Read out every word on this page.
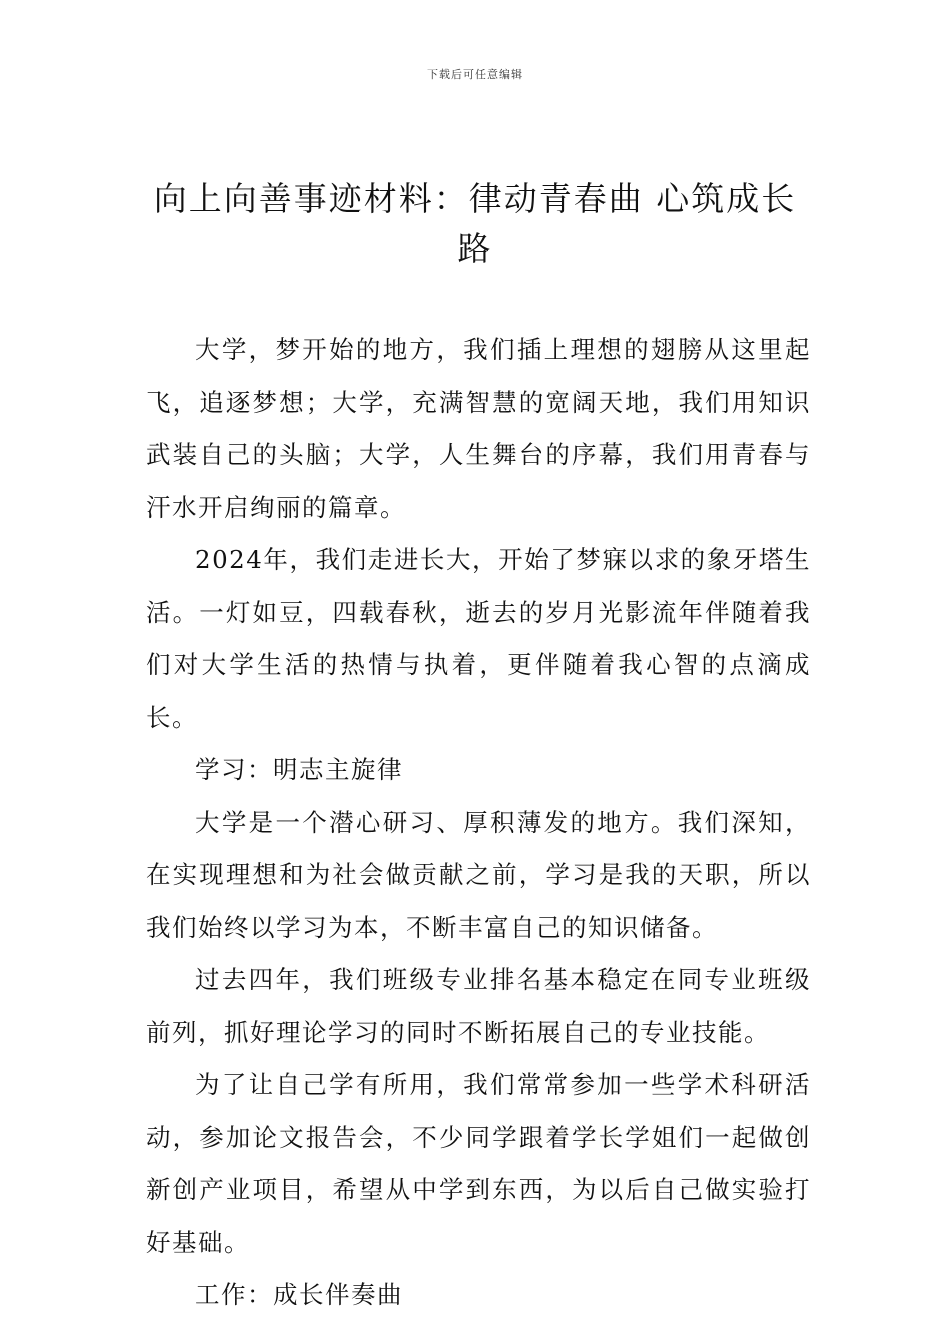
下载后可任意编辑
向上向善事迹材料：律动青春曲 心筑成长路

大学，梦开始的地方，我们插上理想的翅膀从这里起飞，追逐梦想；大学，充满智慧的宽阔天地，我们用知识武装自己的头脑；大学，人生舞台的序幕，我们用青春与汗水开启绚丽的篇章。

2024年，我们走进长大，开始了梦寐以求的象牙塔生活。一灯如豆，四载春秋，逝去的岁月光影流年伴随着我们对大学生活的热情与执着，更伴随着我心智的点滴成长。

学习：明志主旋律

大学是一个潜心研习、厚积薄发的地方。我们深知，在实现理想和为社会做贡献之前，学习是我的天职，所以我们始终以学习为本，不断丰富自己的知识储备。

过去四年，我们班级专业排名基本稳定在同专业班级前列，抓好理论学习的同时不断拓展自己的专业技能。

为了让自己学有所用，我们常常参加一些学术科研活动，参加论文报告会，不少同学跟着学长学姐们一起做创新创产业项目，希望从中学到东西，为以后自己做实验打好基础。

工作：成长伴奏曲
